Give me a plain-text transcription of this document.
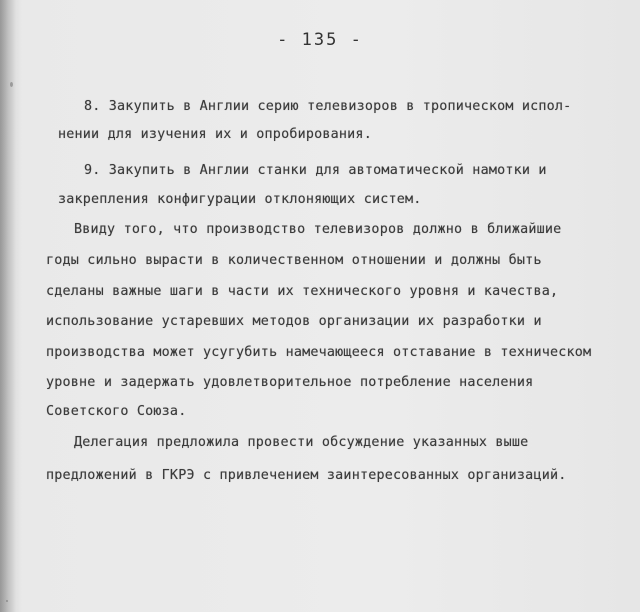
- 135 -
8. Закупить в Англии серию телевизоров в тропическом испол-
нении для изучения их и опробирования.
9. Закупить в Англии станки для автоматической намотки и
закрепления конфигурации отклоняющих систем.
Ввиду того, что производство телевизоров должно в ближайшие
годы сильно вырасти в количественном отношении и должны быть
сделаны важные шаги в части их технического уровня и качества,
использование устаревших методов организации их разработки и
производства может усугубить намечающееся отставание в техническом
уровне и задержать удовлетворительное потребление населения
Советского Союза.
Делегация предложила провести обсуждение указанных выше
предложений в ГКРЭ с привлечением заинтересованных организаций.
